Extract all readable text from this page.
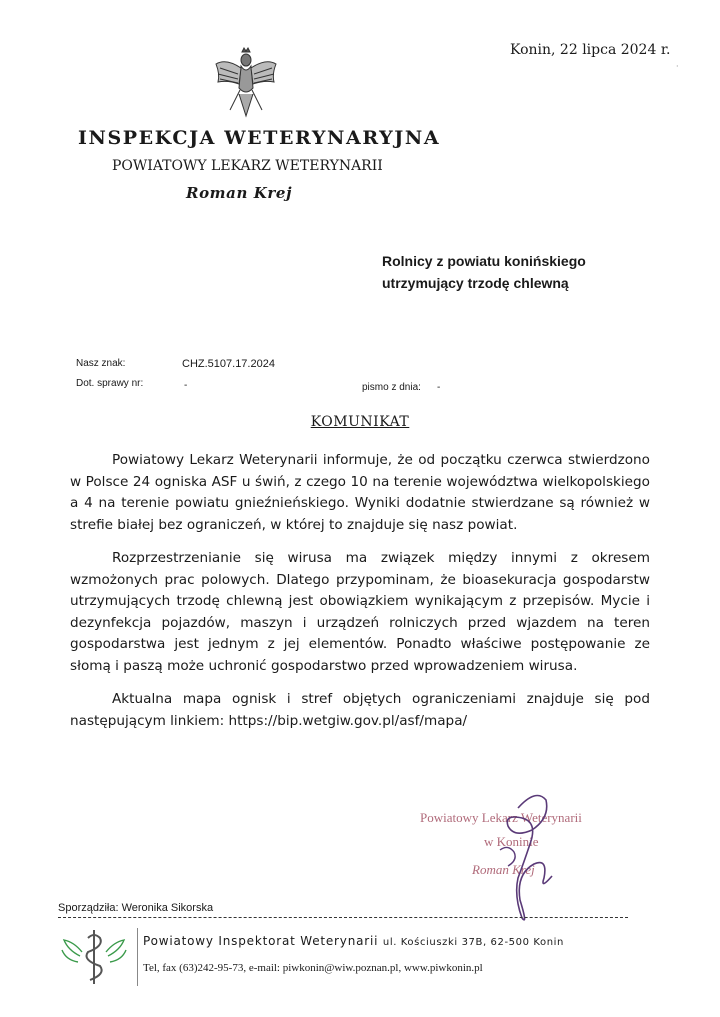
Konin, 22 lipca 2024 r.
·
INSPEKCJA WETERYNARYJNA
POWIATOWY LEKARZ WETERYNARII
Roman Krej
Rolnicy z powiatu konińskiego
utrzymujący trzodę chlewną
Nasz znak:	CHZ.5107.17.2024
Dot. sprawy nr:	-	pismo z dnia: -
KOMUNIKAT

Powiatowy Lekarz Weterynarii informuje, że od początku czerwca stwierdzono w Polsce 24 ogniska ASF u świń, z czego 10 na terenie województwa wielkopolskiego a 4 na terenie powiatu gnieźnieńskiego. Wyniki dodatnie stwierdzane są również w strefie białej bez ograniczeń, w której to znajduje się nasz powiat.

Rozprzestrzenianie się wirusa ma związek między innymi z okresem wzmożonych prac polowych. Dlatego przypominam, że bioasekuracja gospodarstw utrzymujących trzodę chlewną jest obowiązkiem wynikającym z przepisów. Mycie i dezynfekcja pojazdów, maszyn i urządzeń rolniczych przed wjazdem na teren gospodarstwa jest jednym z jej elementów. Ponadto właściwe postępowanie ze słomą i paszą może uchronić gospodarstwo przed wprowadzeniem wirusa.

Aktualna mapa ognisk i stref objętych ograniczeniami znajduje się pod następującym linkiem: https://bip.wetgiw.gov.pl/asf/mapa/

Powiatowy Lekarz Weterynarii
w Koninie
Roman Krej
Sporządziła: Weronika Sikorska
Powiatowy Inspektorat Weterynarii ul. Kościuszki 37B, 62-500 Konin
Tel, fax (63)242-95-73, e-mail: piwkonin@wiw.poznan.pl, www.piwkonin.pl
